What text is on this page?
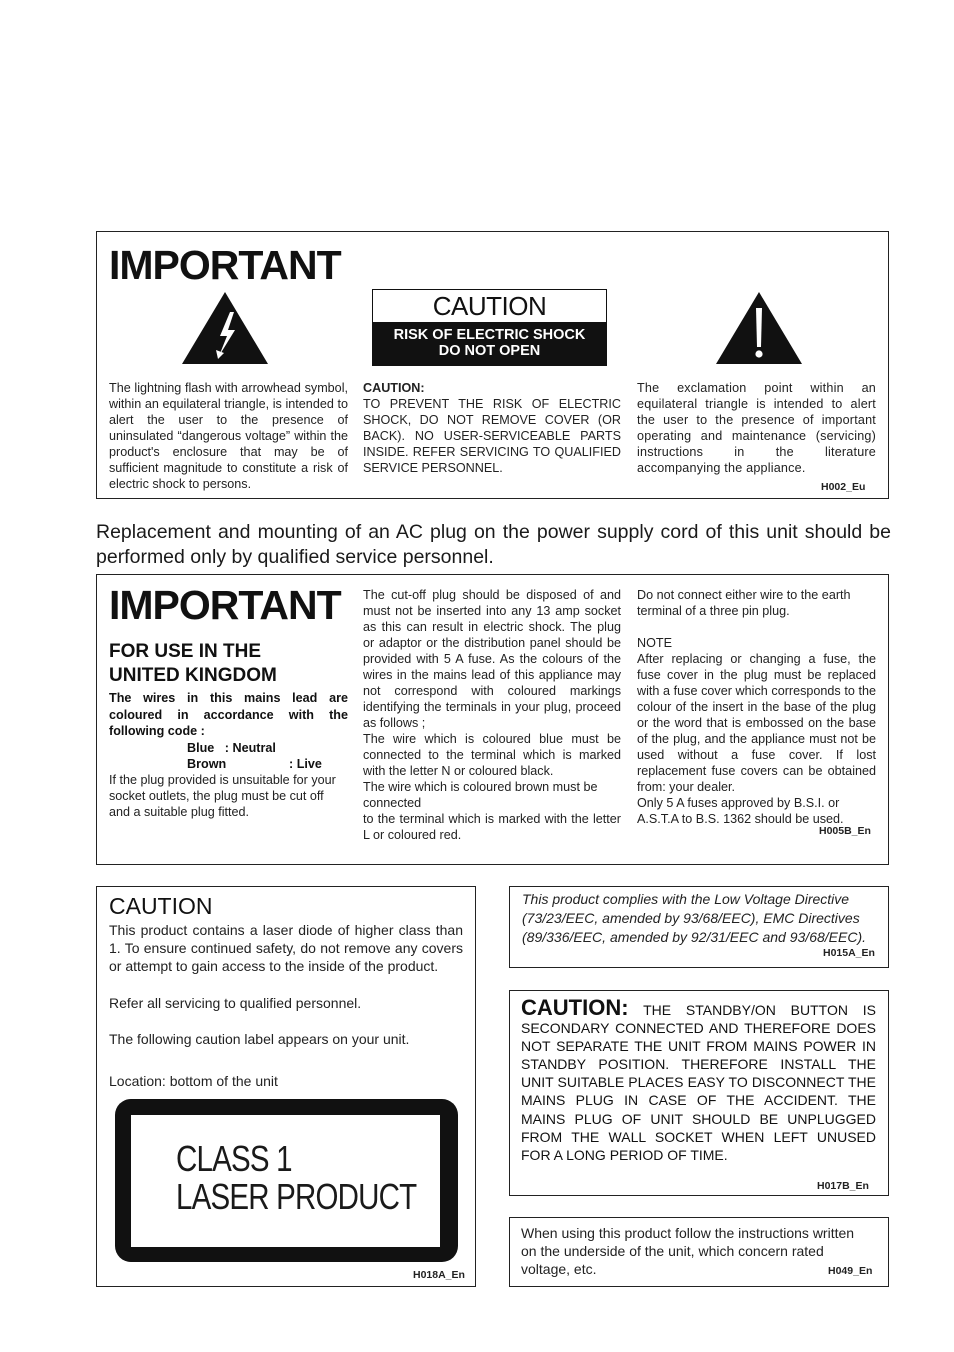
IMPORTANT
CAUTION
RISK OF ELECTRIC SHOCK
DO NOT OPEN

The lightning flash with arrowhead symbol, within an equilateral triangle, is intended to alert the user to the presence of uninsulated “dangerous voltage” within the product's enclosure that may be of sufficient magnitude to constitute a risk of electric shock to persons.

CAUTION:

TO PREVENT THE RISK OF ELECTRIC SHOCK, DO NOT REMOVE COVER (OR BACK). NO USER-SERVICEABLE PARTS INSIDE. REFER SERVICING TO QUALIFIED SERVICE PERSONNEL.

The exclamation point within an equilateral triangle is intended to alert the user to the presence of important operating and maintenance (servicing) instructions in the literature accompanying the appliance.

H002_Eu
Replacement and mounting of an AC plug on the power supply cord of this unit should be performed only by qualified service personnel.
IMPORTANT
FOR USE IN THE
UNITED KINGDOM

The wires in this mains lead are coloured in accordance with the following code :

Blue   : Neutral
Brown	: Live

If the plug provided is unsuitable for your socket outlets, the plug must be cut off and a suitable plug fitted.

The cut-off plug should be disposed of and must not be inserted into any 13 amp socket as this can result in electric shock. The plug or adaptor or the distribution panel should be provided with 5 A fuse. As the colours of the wires in the mains lead of this appliance may not correspond with coloured markings identifying the terminals in your plug, proceed as follows ;

The wire which is coloured blue must be connected to the terminal which is marked with the letter N or coloured black.

The wire which is coloured brown must be connected

to the terminal which is marked with the letter L or coloured red.

Do not connect either wire to the earth terminal of a three pin plug.

NOTE

After replacing or changing a fuse, the fuse cover in the plug must be replaced with a fuse cover which corresponds to the colour of the insert in the base of the plug or the word that is embossed on the base of the plug, and the appliance must not be used without a fuse cover. If lost replacement fuse covers can be obtained from: your dealer.

Only 5 A fuses approved by B.S.I. or A.S.T.A to B.S. 1362 should be used.

H005B_En
CAUTION

This product contains a laser diode of higher class than 1. To ensure continued safety, do not remove any covers or attempt to gain access to the inside of the product.

Refer all servicing to qualified personnel.

The following caution label appears on your unit.

Location: bottom of the unit

CLASS 1
LASER PRODUCT
H018A_En

This product complies with the Low Voltage Directive (73/23/EEC, amended by 93/68/EEC), EMC Directives (89/336/EEC, amended by 92/31/EEC and 93/68/EEC).

H015A_En

CAUTION: THE STANDBY/ON BUTTON IS SECONDARY CONNECTED AND THEREFORE DOES NOT SEPARATE THE UNIT FROM MAINS POWER IN STANDBY POSITION. THEREFORE INSTALL THE UNIT SUITABLE PLACES EASY TO DISCONNECT THE MAINS PLUG IN CASE OF THE ACCIDENT. THE MAINS PLUG OF UNIT SHOULD BE UNPLUGGED FROM THE WALL SOCKET WHEN LEFT UNUSED FOR A LONG PERIOD OF TIME.

H017B_En

When using this product follow the instructions written on the underside of the unit, which concern rated voltage, etc.	H049_En
